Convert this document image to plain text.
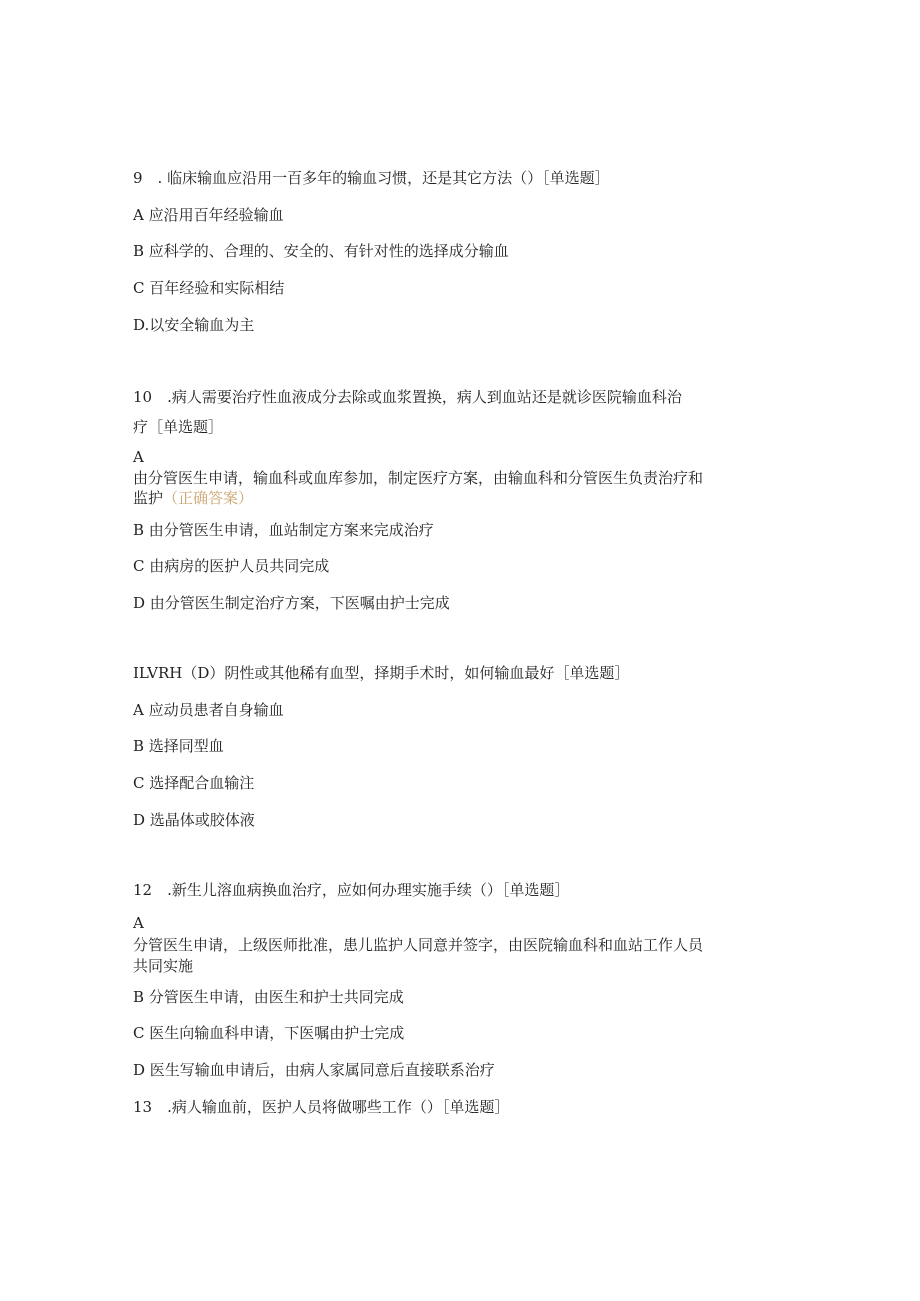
9　. 临床输血应沿用一百多年的输血习惯，还是其它方法（）［单选题］
A 应沿用百年经验输血
B 应科学的、合理的、安全的、有针对性的选择成分输血
C 百年经验和实际相结
D.以安全输血为主
10　.病人需要治疗性血液成分去除或血浆置换，病人到血站还是就诊医院输血科治
疗［单选题］
A
由分管医生申请，输血科或血库参加，制定医疗方案，由输血科和分管医生负责治疗和
监护（正确答案）
B 由分管医生申请，血站制定方案来完成治疗
C 由病房的医护人员共同完成
D 由分管医生制定治疗方案，下医嘱由护士完成
ILVRH（D）阴性或其他稀有血型，择期手术时，如何输血最好［单选题］
A 应动员患者自身输血
B 选择同型血
C 选择配合血输注
D 选晶体或胶体液
12　.新生儿溶血病换血治疗，应如何办理实施手续（）［单选题］
A
分管医生申请，上级医师批准，患儿监护人同意并签字，由医院输血科和血站工作人员
共同实施
B 分管医生申请，由医生和护士共同完成
C 医生向输血科申请，下医嘱由护士完成
D 医生写输血申请后，由病人家属同意后直接联系治疗
13　.病人输血前，医护人员将做哪些工作（）［单选题］
